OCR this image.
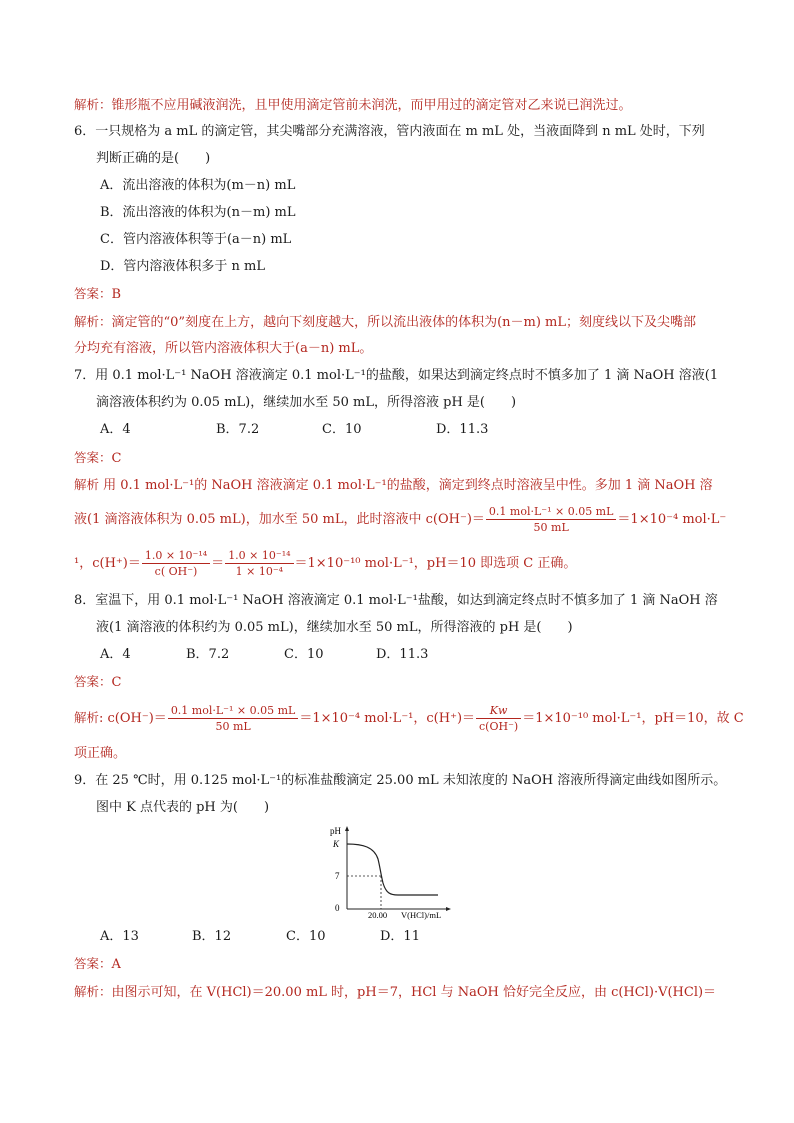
解析：锥形瓶不应用碱液润洗，且甲使用滴定管前未润洗，而甲用过的滴定管对乙来说已润洗过。
6．一只规格为 a mL 的滴定管，其尖嘴部分充满溶液，管内液面在 m mL 处，当液面降到 n mL 处时，下列
判断正确的是(　　)
A．流出溶液的体积为(m－n) mL
B．流出溶液的体积为(n－m) mL
C．管内溶液体积等于(a－n) mL
D．管内溶液体积多于 n mL
答案：B
解析：滴定管的“0”刻度在上方，越向下刻度越大，所以流出液体的体积为(n－m) mL；刻度线以下及尖嘴部
分均充有溶液，所以管内溶液体积大于(a－n) mL。
7．用 0.1 mol·L⁻¹ NaOH 溶液滴定 0.1 mol·L⁻¹的盐酸，如果达到滴定终点时不慎多加了 1 滴 NaOH 溶液(1
滴溶液体积约为 0.05 mL)，继续加水至 50 mL，所得溶液 pH 是(　　)
A．4	B．7.2	C．10	D．11.3
答案：C
解析 用 0.1 mol·L⁻¹的 NaOH 溶液滴定 0.1 mol·L⁻¹的盐酸，滴定到终点时溶液呈中性。多加 1 滴 NaOH 溶
液(1 滴溶液体积为 0.05 mL)，加水至 50 mL，此时溶液中 $c(OH^-)= \frac{\text{0.1 mol·L⁻¹ × 0.05 mL}}{50 mL} =1\times 10^{-4}$ mol·L⁻
¹，$c(H^+)= \frac{\text{1.0 × 10⁻¹⁴}}{c( OH^-)} = \frac{\text{1.0 × 10⁻¹⁴}}{\text{1 × 10⁻⁴}} =1\times 10^{-10}$ mol·L⁻¹，pH＝10 即选项 C 正确。
8．室温下，用 0.1 mol·L⁻¹ NaOH 溶液滴定 0.1 mol·L⁻¹盐酸，如达到滴定终点时不慎多加了 1 滴 NaOH 溶
液(1 滴溶液的体积约为 0.05 mL)，继续加水至 50 mL，所得溶液的 pH 是(　　)
A．4	B．7.2	C．10	D．11.3
答案：C
解析: $c(OH^-)= \frac{\text{0.1 mol·L⁻¹ × 0.05 mL}}{50 mL} =1\times 10^{-4}$ mol·L⁻¹，$c(H^+)= \frac{Kw}{c(OH^-)} =1\times 10^{-10}$ mol·L⁻¹，pH＝10，故 C
项正确。
9．在 25 ℃时，用 0.125 mol·L⁻¹的标准盐酸滴定 25.00 mL 未知浓度的 NaOH 溶液所得滴定曲线如图所示。
图中 K 点代表的 pH 为(　　)
pH
K
7
0
20.00 V(HCl)/mL
A．13	B．12	C．10	D．11
答案：A
解析：由图示可知，在 V(HCl)＝20.00 mL 时，pH＝7，HCl 与 NaOH 恰好完全反应，由 c(HCl)·V(HCl)＝
